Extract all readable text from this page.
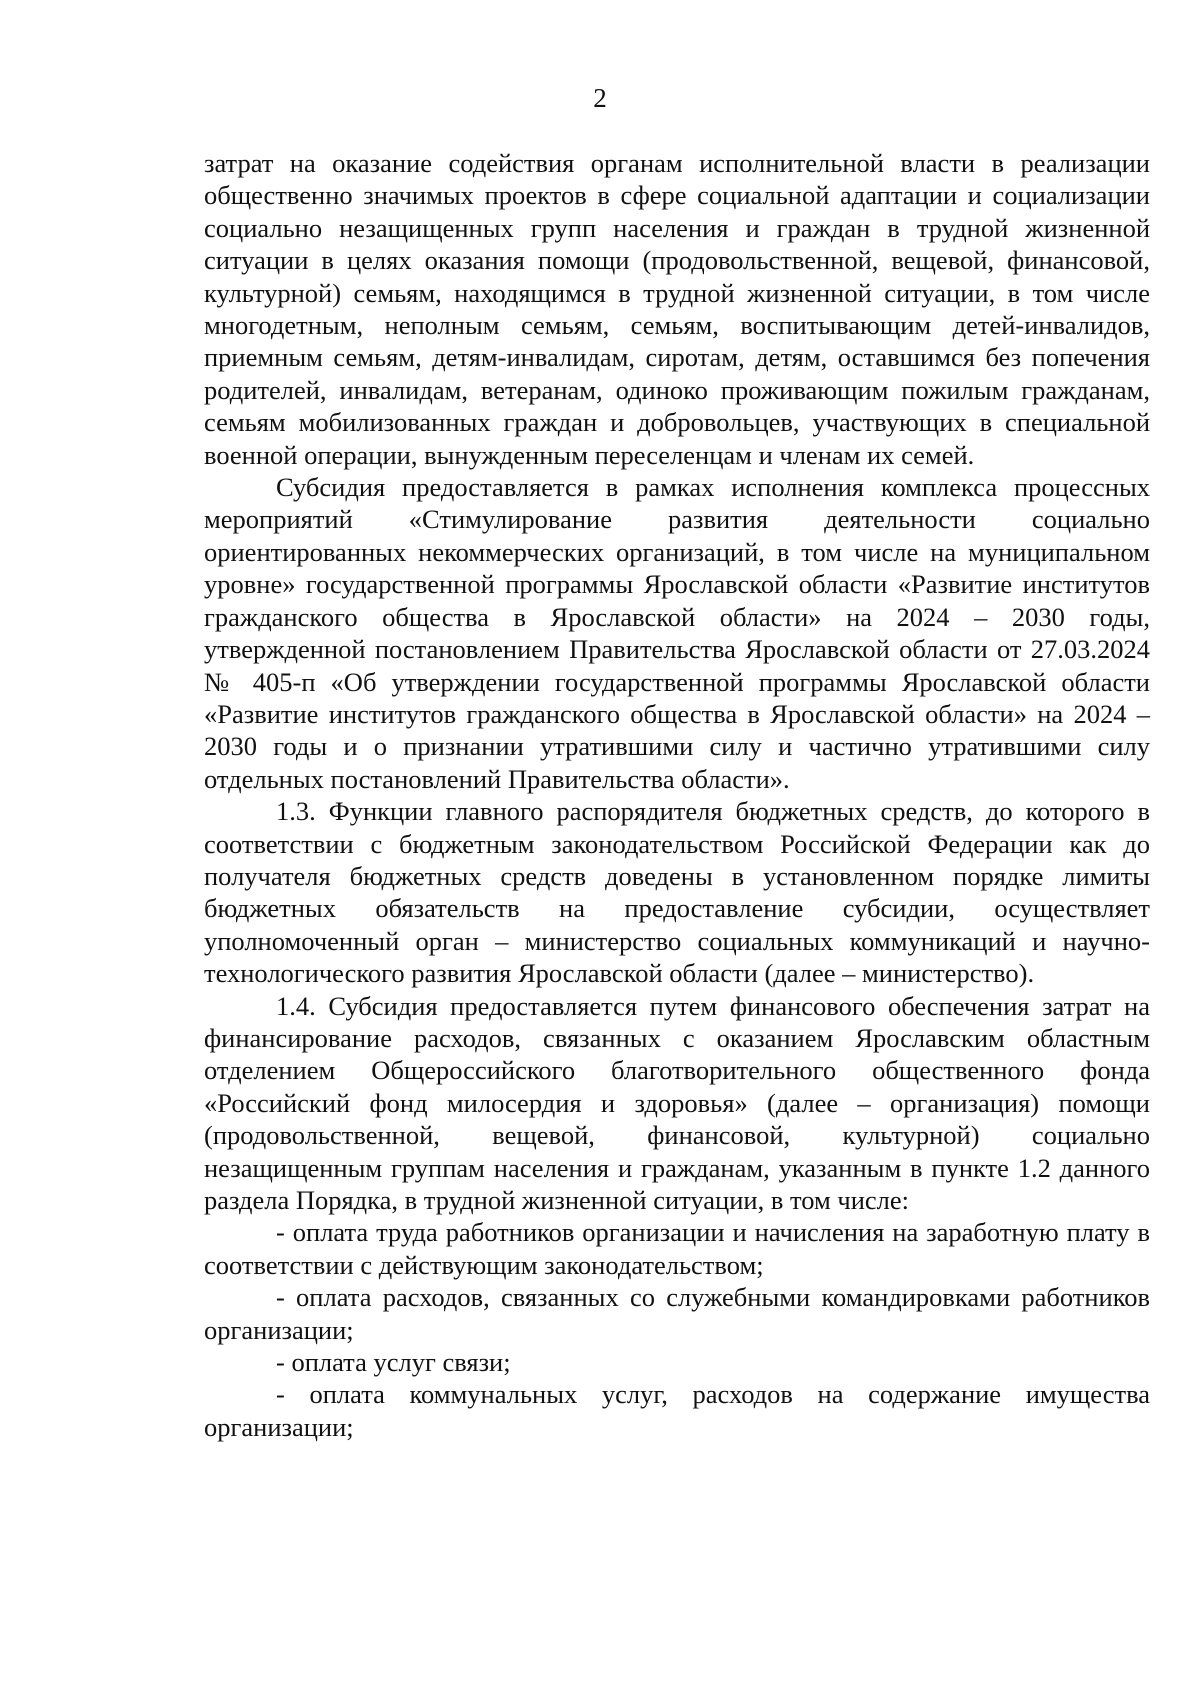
2

затрат на оказание содействия органам исполнительной власти в реализации общественно значимых проектов в сфере социальной адаптации и социализации социально незащищенных групп населения и граждан в трудной жизненной ситуации в целях оказания помощи (продовольственной, вещевой, финансовой, культурной) семьям, находящимся в трудной жизненной ситуации, в том числе многодетным, неполным семьям, семьям, воспитывающим детей-инвалидов, приемным семьям, детям-инвалидам, сиротам, детям, оставшимся без попечения родителей, инвалидам, ветеранам, одиноко проживающим пожилым гражданам, семьям мобилизованных граждан и добровольцев, участвующих в специальной военной операции, вынужденным переселенцам и членам их семей.

Субсидия предоставляется в рамках исполнения комплекса процессных мероприятий «Стимулирование развития деятельности социально ориентированных некоммерческих организаций, в том числе на муниципальном уровне» государственной программы Ярославской области «Развитие институтов гражданского общества в Ярославской области» на 2024 – 2030 годы, утвержденной постановлением Правительства Ярославской области от 27.03.2024 № 405-п «Об утверждении государственной программы Ярославской области «Развитие институтов гражданского общества в Ярославской области» на 2024 – 2030 годы и о признании утратившими силу и частично утратившими силу отдельных постановлений Правительства области».

1.3. Функции главного распорядителя бюджетных средств, до которого в соответствии с бюджетным законодательством Российской Федерации как до получателя бюджетных средств доведены в установленном порядке лимиты бюджетных обязательств на предоставление субсидии, осуществляет уполномоченный орган – министерство социальных коммуникаций и научно-технологического развития Ярославской области (далее – министерство).

1.4. Субсидия предоставляется путем финансового обеспечения затрат на финансирование расходов, связанных с оказанием Ярославским областным отделением Общероссийского благотворительного общественного фонда «Российский фонд милосердия и здоровья» (далее – организация) помощи (продовольственной, вещевой, финансовой, культурной) социально незащищенным группам населения и гражданам, указанным в пункте 1.2 данного раздела Порядка, в трудной жизненной ситуации, в том числе:

- оплата труда работников организации и начисления на заработную плату в соответствии с действующим законодательством;

- оплата расходов, связанных со служебными командировками работников организации;

- оплата услуг связи;

- оплата коммунальных услуг, расходов на содержание имущества организации;
